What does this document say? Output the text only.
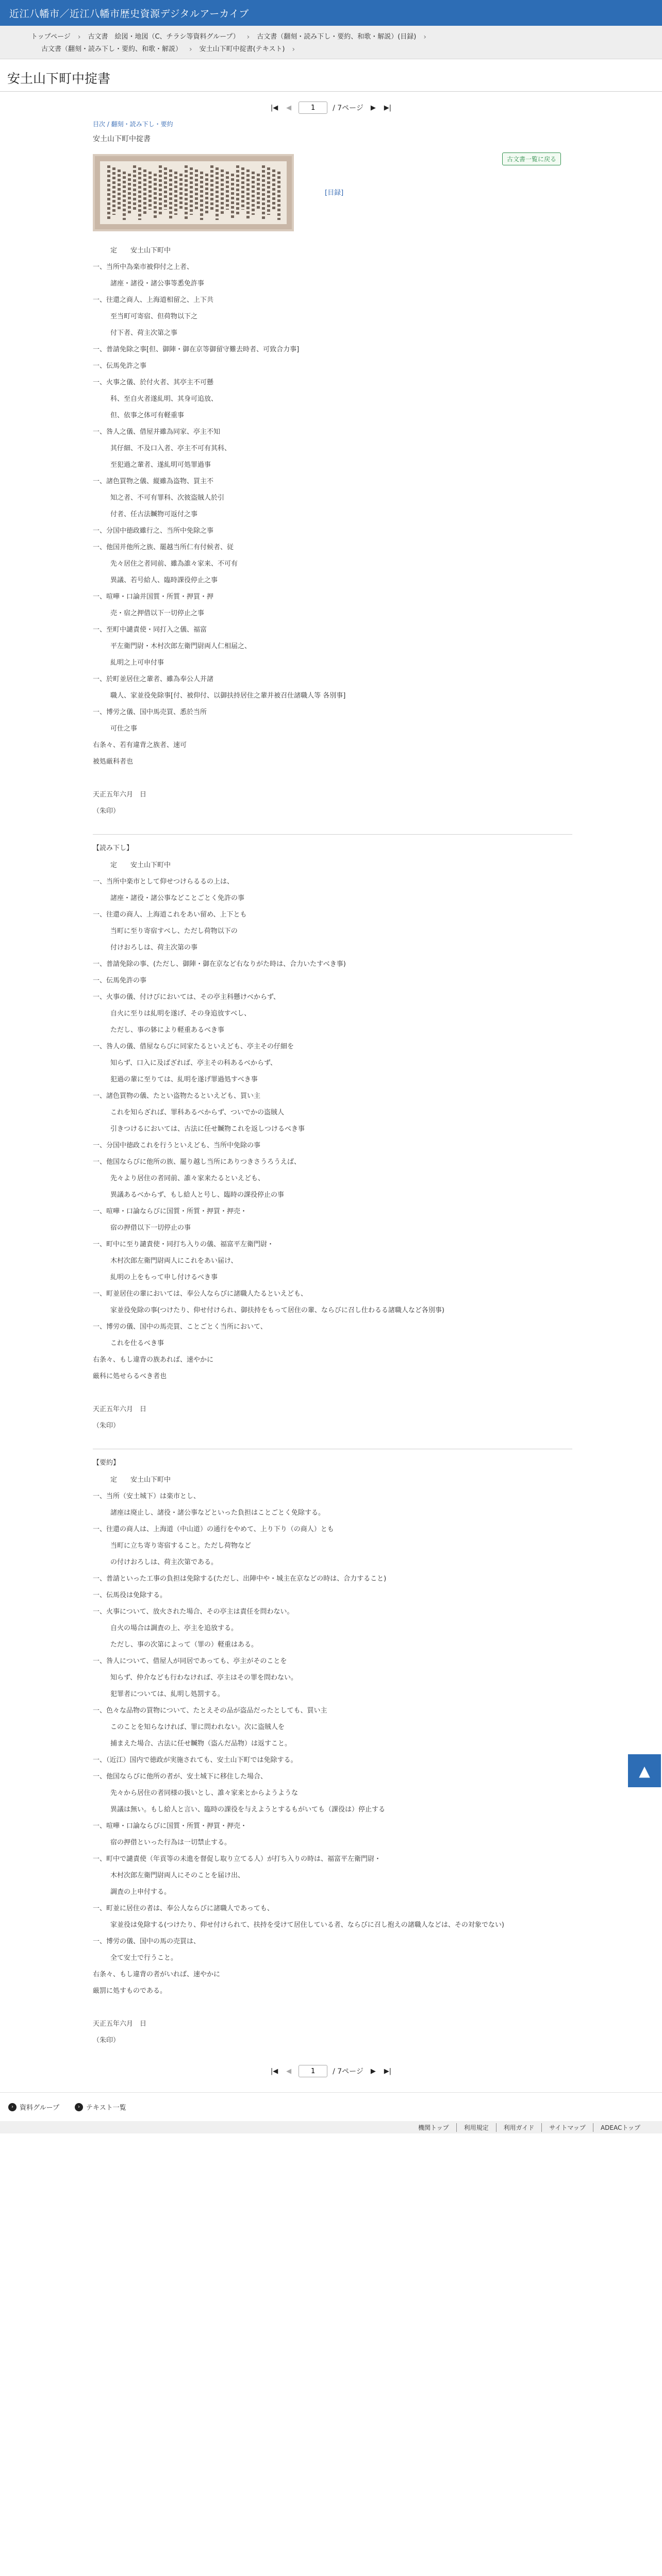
近江八幡市／近江八幡市歴史資源デジタルアーカイブ
トップページ › 古文書　絵図・地図（C、チラシ等資料グループ） › 古文書（翻刻・読み下し・要約、和歌・解説）(目録) ›
古文書（翻刻・読み下し・要約、和歌・解説） › 安土山下町中掟書(テキスト) ›
安土山下町中掟書
|◀	◀
1	/ 7ページ	▶	▶|
目次 / 翻刻・読み下し・要約
安土山下町中掟書
古文書一覧に戻る
[目録]
定　　安土山下町中
一、当所中為楽市被仰付之上者、
諸座・諸役・諸公事等悉免許事
一、往還之商人、上海道相留之、上下共
至当町可寄宿、但荷物以下之
付下者、荷主次第之事
一、普請免除之事[但、御陣・御在京等御留守難去時者、可致合力事]
一、伝馬免許之事
一、火事之儀、於付火者、其亭主不可懸
科、至自火者遂糺明、其身可追放、
但、依事之体可有軽重事
一、咎人之儀、借屋并雖為同家、亭主不知
其仔細、不及口入者、亭主不可有其科、
至犯過之輩者、遂糺明可処罪過事
一、諸色買物之儀、縦雖為盗物、買主不
知之者、不可有罪科、次彼盗賊人於引
付者、任古法贓物可返付之事
一、分国中徳政雖行之、当所中免除之事
一、他国并他所之族、罷越当所仁有付候者、従
先々居住之者同前、雖為誰々家来、不可有
異議、若号給人、臨時課役停止之事
一、喧嘩・口論并国質・所質・押買・押
売・宿之押借以下一切停止之事
一、至町中譴責使・同打入之儀、福富
平左衛門尉・木村次郎左衛門尉両人仁相届之、
糺明之上可申付事
一、於町並居住之輩者、雖為奉公人并諸
職人、家並役免除事[付、被仰付、以御扶持居住之輩并被召仕諸職人等 各別事]
一、博労之儀、国中馬売買、悉於当所
可仕之事
右条々、若有違背之族者、速可
被処厳科者也
天正五年六月　日
（朱印）
【読み下し】
定　　安土山下町中
一、当所中楽市として仰せつけらるるの上は、
諸座・諸役・諸公事などことごとく免許の事
一、往還の商人、上海道これをあい留め、上下とも
当町に至り寄宿すべし、ただし荷物以下の
付けおろしは、荷主次第の事
一、普請免除の事、(ただし、御陣・御在京など右なりがた時は、合力いたすべき事)
一、伝馬免許の事
一、火事の儀、付けびにおいては、その亭主科懸けべからず、
自火に至りは糺明を遂げ、その身追放すべし、
ただし、事の躰により軽重あるべき事
一、咎人の儀、借屋ならびに同家たるといえども、亭主その仔細を
知らず、口入に及ばざれば、亭主その科あるべからず、
犯過の輩に至りては、糺明を遂げ罪過処すべき事
一、諸色買物の儀、たとい盗物たるといえども、買い主
これを知らざれば、罪科あるべからず、ついでかの盗賊人
引きつけるにおいては、古法に任せ贓物これを返しつけるべき事
一、分国中徳政これを行うといえども、当所中免除の事
一、他国ならびに他所の族、罷り越し当所にありつきさうろうえば、
先々より居住の者同前、誰々家来たるといえども、
異議あるべからず、もし給人と号し、臨時の課役停止の事
一、喧嘩・口論ならびに国質・所質・押買・押売・
宿の押借以下一切停止の事
一、町中に至り譴責使・同打ち入りの儀、福富平左衛門尉・
木村次郎左衛門尉両人にこれをあい届け、
糺明の上をもって申し付けるべき事
一、町並居住の輩においては、奉公人ならびに諸職人たるといえども、
家並役免除の事(つけたり、仰せ付けられ、御扶持をもって居住の輩、ならびに召し仕わるる諸職人など各別事)
一、博労の儀、国中の馬売買、ことごとく当所において、
これを仕るべき事
右条々、もし違背の族あれば、速やかに
厳科に処せらるべき者也
天正五年六月　日
（朱印）
【要約】
定　　安土山下町中
一、当所（安土城下）は楽市とし、
諸座は廃止し、諸役・諸公事などといった負担はことごとく免除する。
一、往還の商人は、上海道（中山道）の通行をやめて、上り下り（の商人）とも
当町に立ち寄り寄宿すること。ただし荷物など
の付けおろしは、荷主次第である。
一、普請といった工事の負担は免除する(ただし、出陣中や・城主在京などの時は、合力すること)
一、伝馬役は免除する。
一、火事について、放火された場合、その亭主は責任を問わない。
自火の場合は調査の上、亭主を追放する。
ただし、事の次第によって（罪の）軽重はある。
一、咎人について、借屋人が同居であっても、亭主がそのことを
知らず、仲介なども行わなければ、亭主はその罪を問わない。
犯罪者については、糺明し処罰する。
一、色々な品物の買物について、たとえその品が盗品だったとしても、買い主
このことを知らなければ、罪に問われない。次に盗賊人を
捕まえた場合、古法に任せ贓物（盗んだ品物）は返すこと。
一、（近江）国内で徳政が実施されても、安土山下町では免除する。
一、他国ならびに他所の者が、安土城下に移住した場合、
先々から居住の者同様の扱いとし、誰々家来とからようような
異議は無い。もし給人と言い、臨時の課役を与えようとするもがいても（課役は）停止する
一、喧嘩・口論ならびに国質・所質・押買・押売・
宿の押借といった行為は一切禁止する。
一、町中で譴責使（年貢等の未進を督促し取り立てる人）が打ち入りの時は、福富平左衛門尉・
木村次郎左衛門尉両人にそのことを届け出、
調査の上申付する。
一、町並に居住の者は、奉公人ならびに諸職人であっても、
家並役は免除する(つけたり、仰せ付けられて、扶持を受けて居住している者、ならびに召し抱えの諸職人などは、その対象でない)
一、博労の儀、国中の馬の売買は、
全て安土で行うこと。
右条々、もし違背の者がいれば、速やかに
厳罰に処すものである。
天正五年六月　日
（朱印）
|◀	◀
1	/ 7ページ	▶	▶|
› 資料グループ	› テキスト一覧
機関トップ	利用規定	利用ガイド	サイトマップ	ADEACトップ
▲
